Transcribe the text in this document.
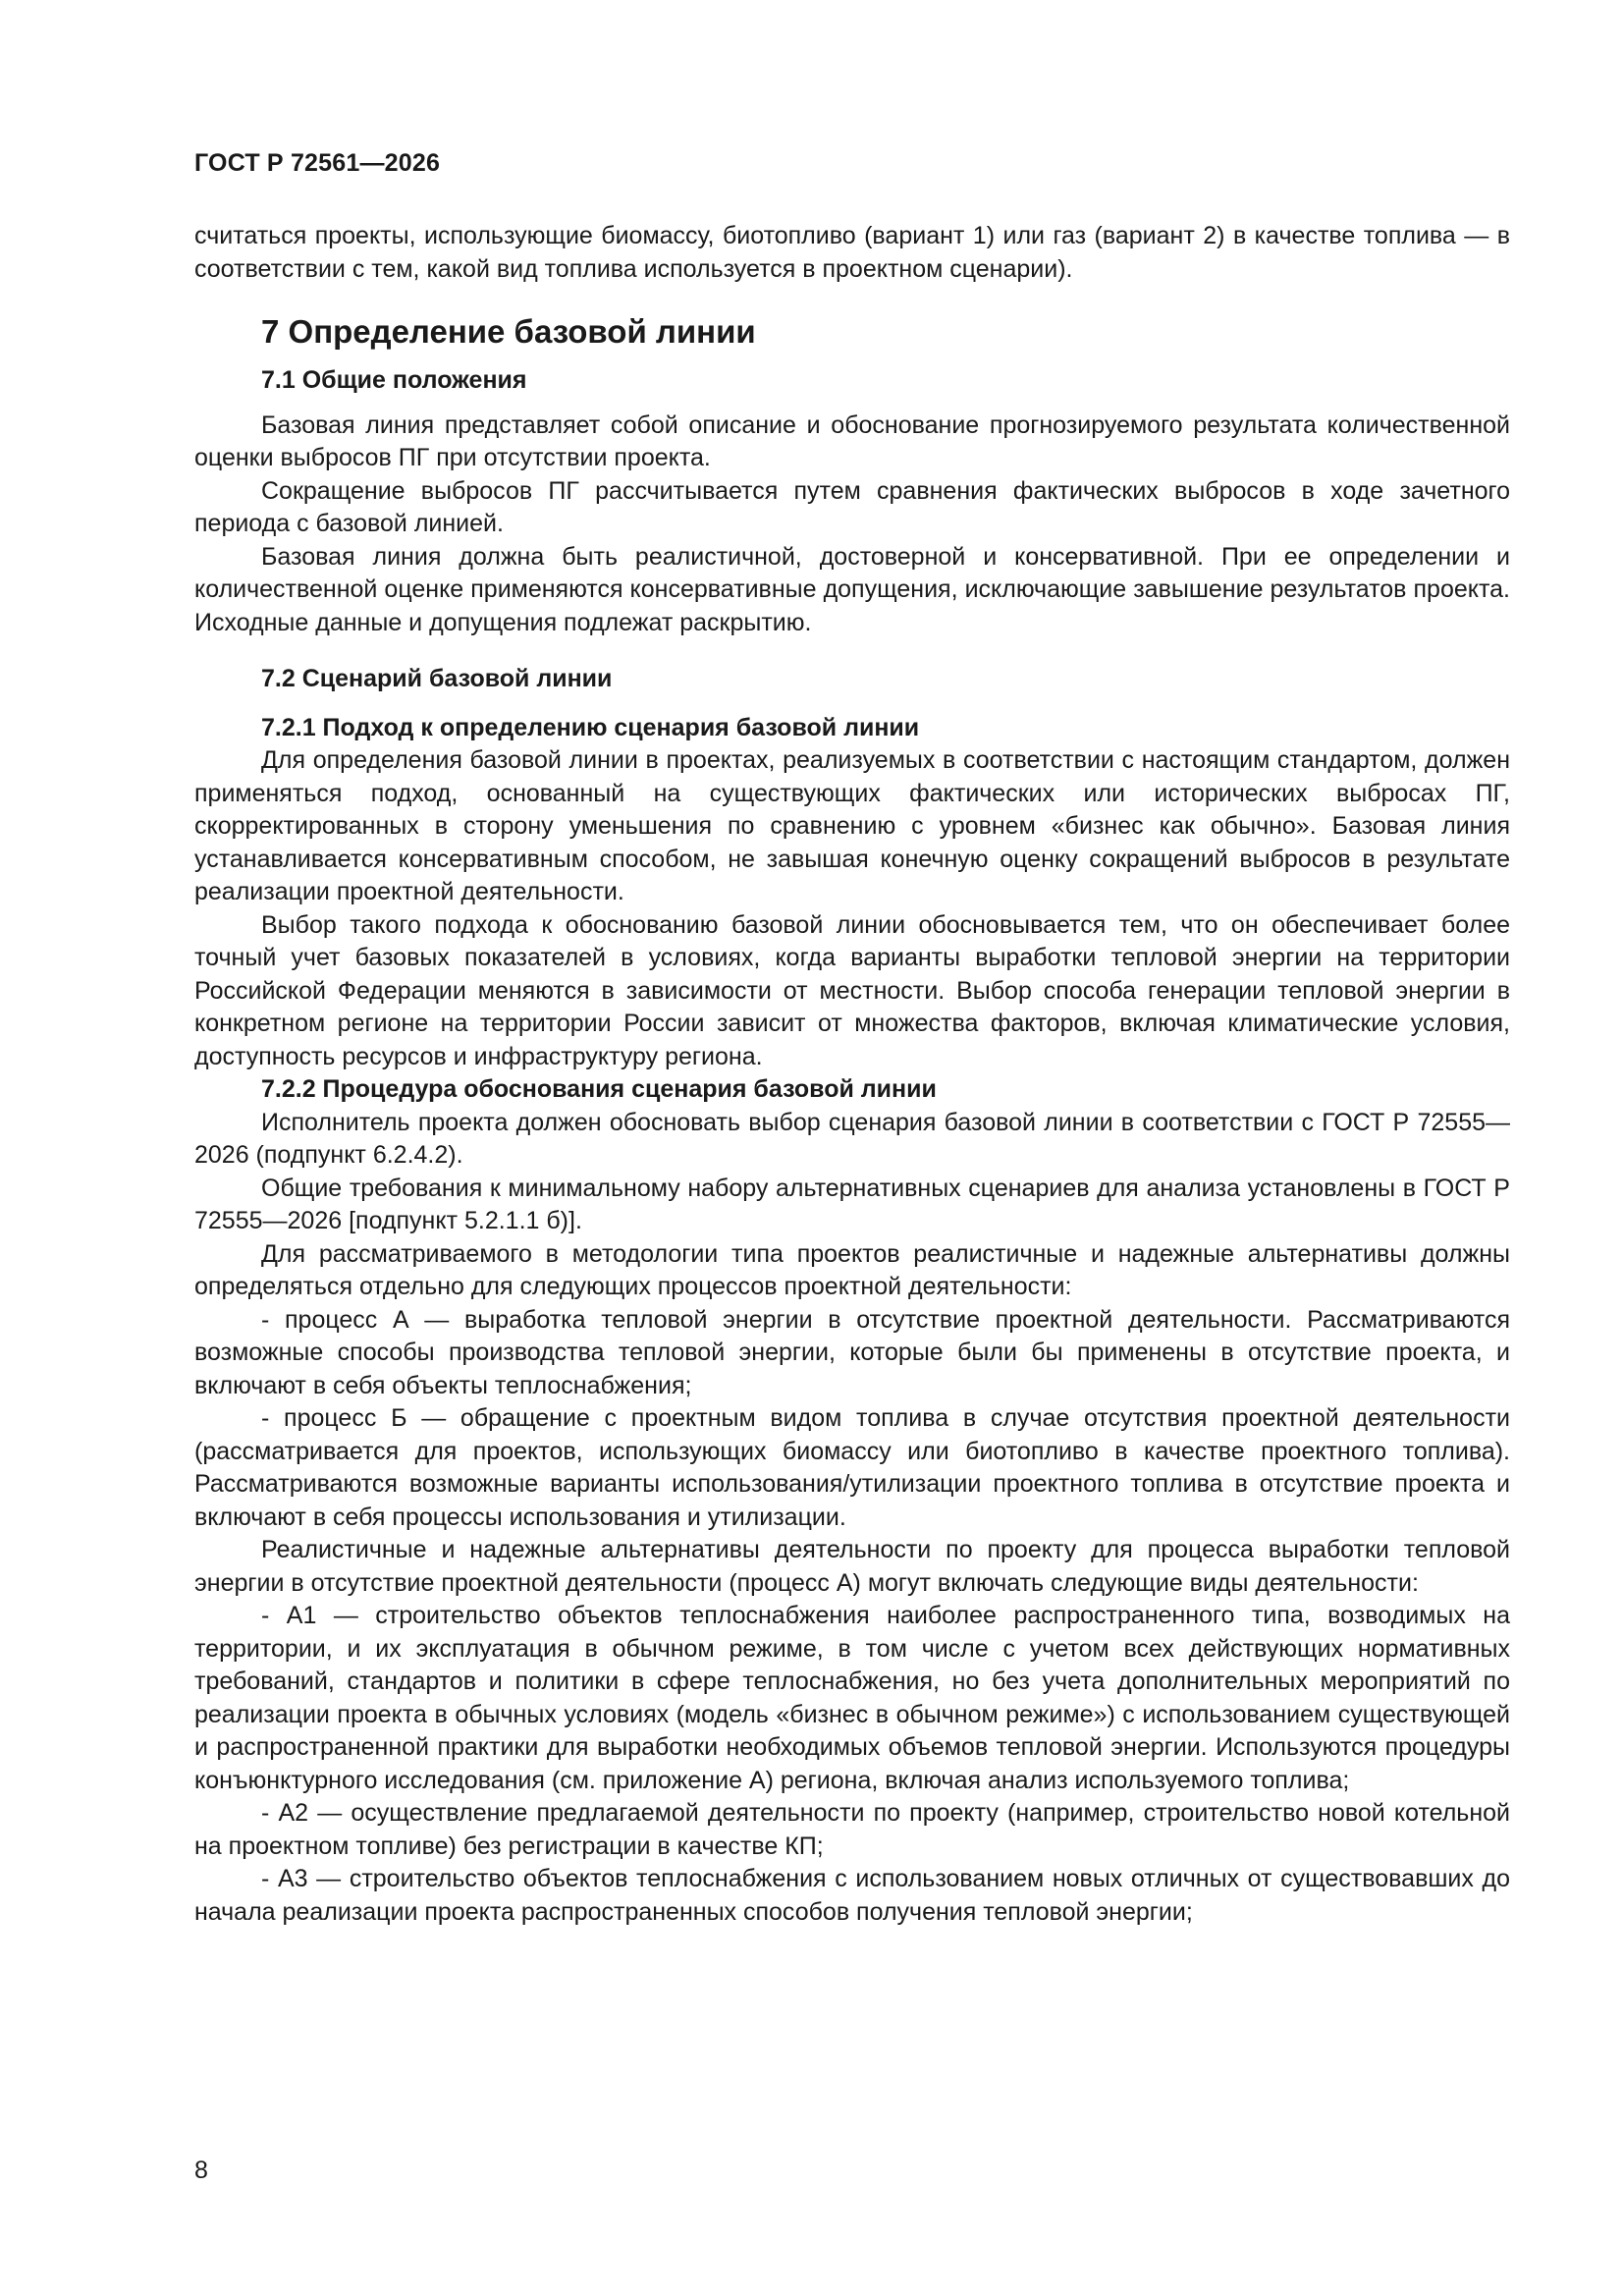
ГОСТ Р 72561—2026

считаться проекты, использующие биомассу, биотопливо (вариант 1) или газ (вариант 2) в качестве топлива — в соответствии с тем, какой вид топлива используется в проектном сценарии).

7 Определение базовой линии
7.1 Общие положения

Базовая линия представляет собой описание и обоснование прогнозируемого результата количественной оценки выбросов ПГ при отсутствии проекта.

Сокращение выбросов ПГ рассчитывается путем сравнения фактических выбросов в ходе зачетного периода с базовой линией.

Базовая линия должна быть реалистичной, достоверной и консервативной. При ее определении и количественной оценке применяются консервативные допущения, исключающие завышение результатов проекта. Исходные данные и допущения подлежат раскрытию.

7.2 Сценарий базовой линии
7.2.1 Подход к определению сценария базовой линии

Для определения базовой линии в проектах, реализуемых в соответствии с настоящим стандартом, должен применяться подход, основанный на существующих фактических или исторических выбросах ПГ, скорректированных в сторону уменьшения по сравнению с уровнем «бизнес как обычно». Базовая линия устанавливается консервативным способом, не завышая конечную оценку сокращений выбросов в результате реализации проектной деятельности.

Выбор такого подхода к обоснованию базовой линии обосновывается тем, что он обеспечивает более точный учет базовых показателей в условиях, когда варианты выработки тепловой энергии на территории Российской Федерации меняются в зависимости от местности. Выбор способа генерации тепловой энергии в конкретном регионе на территории России зависит от множества факторов, включая климатические условия, доступность ресурсов и инфраструктуру региона.

7.2.2 Процедура обоснования сценария базовой линии

Исполнитель проекта должен обосновать выбор сценария базовой линии в соответствии с ГОСТ Р 72555—2026 (подпункт 6.2.4.2).

Общие требования к минимальному набору альтернативных сценариев для анализа установлены в ГОСТ Р 72555—2026 [подпункт 5.2.1.1 б)].

Для рассматриваемого в методологии типа проектов реалистичные и надежные альтернативы должны определяться отдельно для следующих процессов проектной деятельности:

- процесс А — выработка тепловой энергии в отсутствие проектной деятельности. Рассматриваются возможные способы производства тепловой энергии, которые были бы применены в отсутствие проекта, и включают в себя объекты теплоснабжения;

- процесс Б — обращение с проектным видом топлива в случае отсутствия проектной деятельности (рассматривается для проектов, использующих биомассу или биотопливо в качестве проектного топлива). Рассматриваются возможные варианты использования/утилизации проектного топлива в отсутствие проекта и включают в себя процессы использования и утилизации.

Реалистичные и надежные альтернативы деятельности по проекту для процесса выработки тепловой энергии в отсутствие проектной деятельности (процесс А) могут включать следующие виды деятельности:

- А1 — строительство объектов теплоснабжения наиболее распространенного типа, возводимых на территории, и их эксплуатация в обычном режиме, в том числе с учетом всех действующих нормативных требований, стандартов и политики в сфере теплоснабжения, но без учета дополнительных мероприятий по реализации проекта в обычных условиях (модель «бизнес в обычном режиме») с использованием существующей и распространенной практики для выработки необходимых объемов тепловой энергии. Используются процедуры конъюнктурного исследования (см. приложение А) региона, включая анализ используемого топлива;

- А2 — осуществление предлагаемой деятельности по проекту (например, строительство новой котельной на проектном топливе) без регистрации в качестве КП;

- А3 — строительство объектов теплоснабжения с использованием новых отличных от существовавших до начала реализации проекта распространенных способов получения тепловой энергии;

8
